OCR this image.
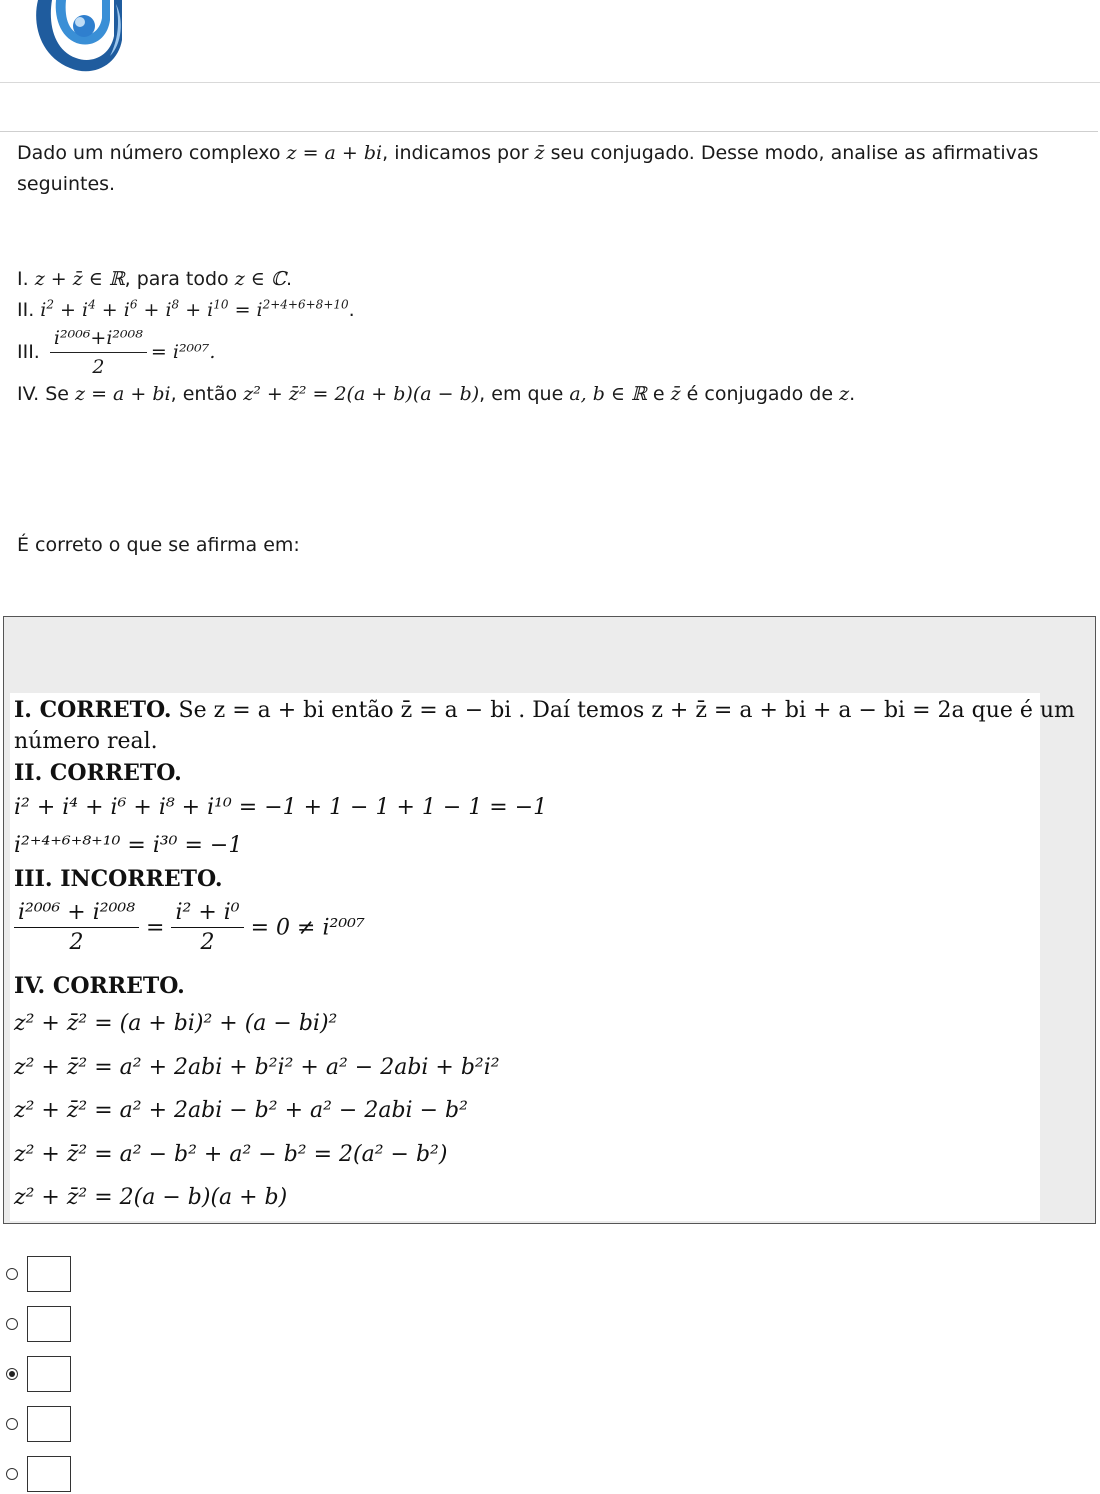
Dado um número complexo z = a + bi, indicamos por z̄ seu conjugado. Desse modo, analise as afirmativas seguintes.

I. z + z̄ ∈ ℝ, para todo z ∈ ℂ.

II. $i^2 + i^4 + i^6 + i^8 + i^{10} = i^{2+4+6+8+10}$.

III. $\frac{\text{i²⁰⁰⁶+i²⁰⁰⁸}}{2} = i^{2007}$.

IV. Se z = a + bi, então z² + z̄² = 2(a + b)(a − b), em que a, b ∈ ℝ e z̄ é conjugado de z.

É correto o que se afirma em:
I. CORRETO. Se z = a + bi então z̄ = a − bi . Daí temos z + z̄ = a + bi + a − bi = 2a que é um
número real.
II. CORRETO.
i² + i⁴ + i⁶ + i⁸ + i¹⁰ = −1 + 1 − 1 + 1 − 1 = −1
i²⁺⁴⁺⁶⁺⁸⁺¹⁰ = i³⁰ = −1
III. INCORRETO.
$\frac{\text{i²⁰⁰⁶ + i²⁰⁰⁸}}{2} = \frac{\text{i² + i⁰}}{2} = 0 \ne i^{2007}$
IV. CORRETO.
z² + z̄² = (a + bi)² + (a − bi)²
z² + z̄² = a² + 2abi + b²i² + a² − 2abi + b²i²
z² + z̄² = a² + 2abi − b² + a² − 2abi − b²
z² + z̄² = a² − b² + a² − b² = 2(a² − b²)
z² + z̄² = 2(a − b)(a + b)
